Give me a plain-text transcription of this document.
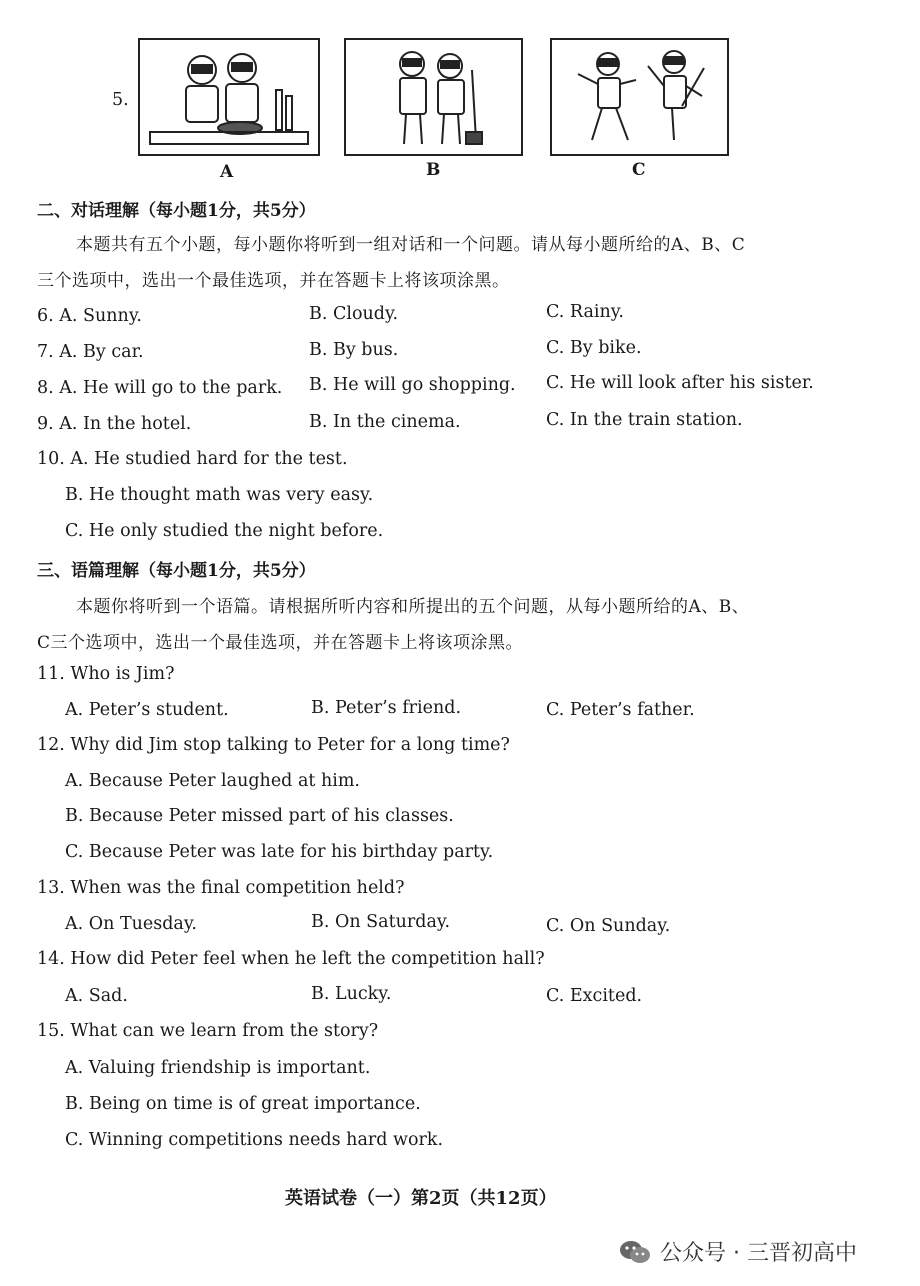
5.
A	B	C
二、对话理解（每小题1分，共5分）
本题共有五个小题，每小题你将听到一组对话和一个问题。请从每小题所给的A、B、C
三个选项中，选出一个最佳选项，并在答题卡上将该项涂黑。
6. A. Sunny.	B. Cloudy.	C. Rainy.
7. A. By car.	B. By bus.	C. By bike.
8. A. He will go to the park. B. He will go shopping. C. He will look after his sister.
9. A. In the hotel.	B. In the cinema.	C. In the train station.
10. A. He studied hard for the test.
B. He thought math was very easy.
C. He only studied the night before.
三、语篇理解（每小题1分，共5分）
本题你将听到一个语篇。请根据所听内容和所提出的五个问题，从每小题所给的A、B、
C三个选项中，选出一个最佳选项，并在答题卡上将该项涂黑。
11. Who is Jim?
A. Peter’s student.	B. Peter’s friend.	C. Peter’s father.
12. Why did Jim stop talking to Peter for a long time?
A. Because Peter laughed at him.
B. Because Peter missed part of his classes.
C. Because Peter was late for his birthday party.
13. When was the final competition held?
A. On Tuesday.	B. On Saturday.	C. On Sunday.
14. How did Peter feel when he left the competition hall?
A. Sad.	B. Lucky.	C. Excited.
15. What can we learn from the story?
A. Valuing friendship is important.
B. Being on time is of great importance.
C. Winning competitions needs hard work.
英语试卷（一）第2页（共12页）
公众号 · 三晋初高中
